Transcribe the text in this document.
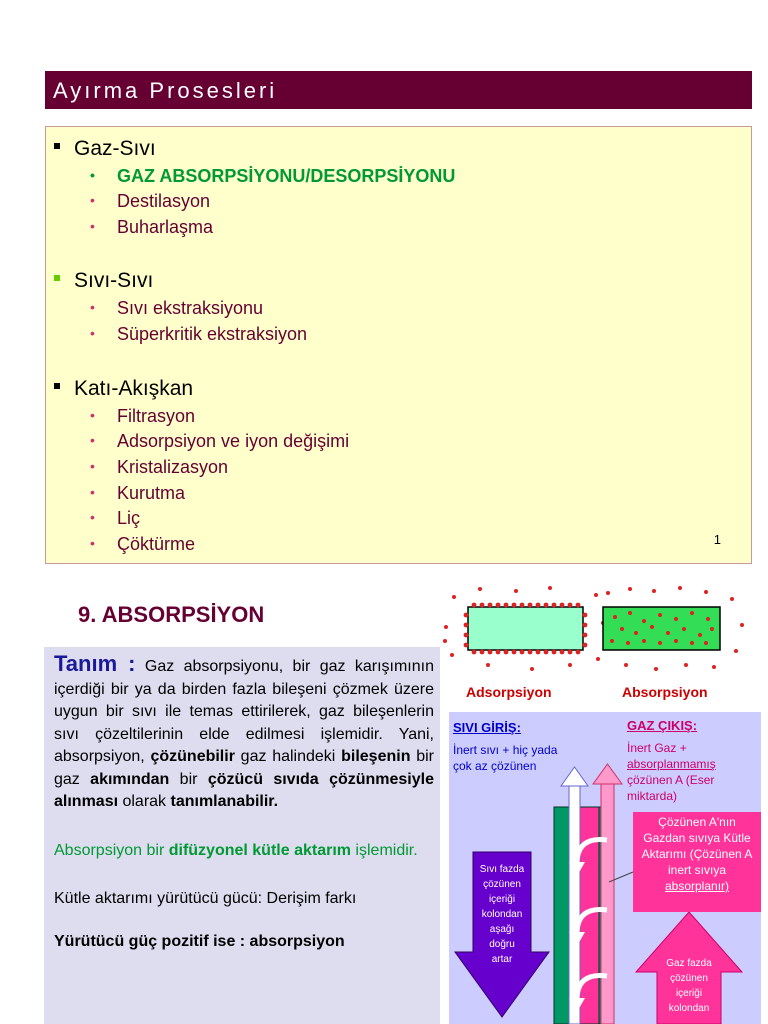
Ayırma Prosesleri
Gaz-Sıvı
• GAZ ABSORPSİYONU/DESORPSİYONU
• Destilasyon
• Buharlaşma
Sıvı-Sıvı
• Sıvı ekstraksiyonu
• Süperkritik ekstraksiyon
Katı-Akışkan
• Filtrasyon
• Adsorpsiyon ve iyon değişimi
• Kristalizasyon
• Kurutma
• Liç
• Çöktürme	1
9. ABSORPSİYON
Adsorpsiyon	Absorpsiyon

Tanım : Gaz absorpsiyonu, bir gaz karışımının içerdiği bir ya da birden fazla bileşeni çözmek üzere uygun bir sıvı ile temas ettirilerek, gaz bileşenlerin sıvı çözeltilerinin elde edilmesi işlemidir. Yani, absorpsiyon, çözünebilir gaz halindeki bileşenin bir gaz akımından bir çözücü sıvıda çözünmesiyle alınması olarak tanımlanabilir.

Absorpsiyon bir difüzyonel kütle aktarım işlemidir.

Kütle aktarımı yürütücü gücü: Derişim farkı

Yürütücü güç pozitif ise : absorpsiyon

SIVI GİRİŞ:
İnert sıvı + hiç yada
çok az çözünen
GAZ ÇIKIŞ:
İnert Gaz +
absorplanmamış
çözünen A (Eser miktarda)
Çözünen A'nın
Gazdan sıvıya Kütle
Aktarımı (Çözünen A
inert sıvıya
absorplanır)
Sıvı fazda
çözünen
içeriği
kolondan
aşağı
doğru
artar	Gaz fazda
çözünen
içeriği
kolondan
